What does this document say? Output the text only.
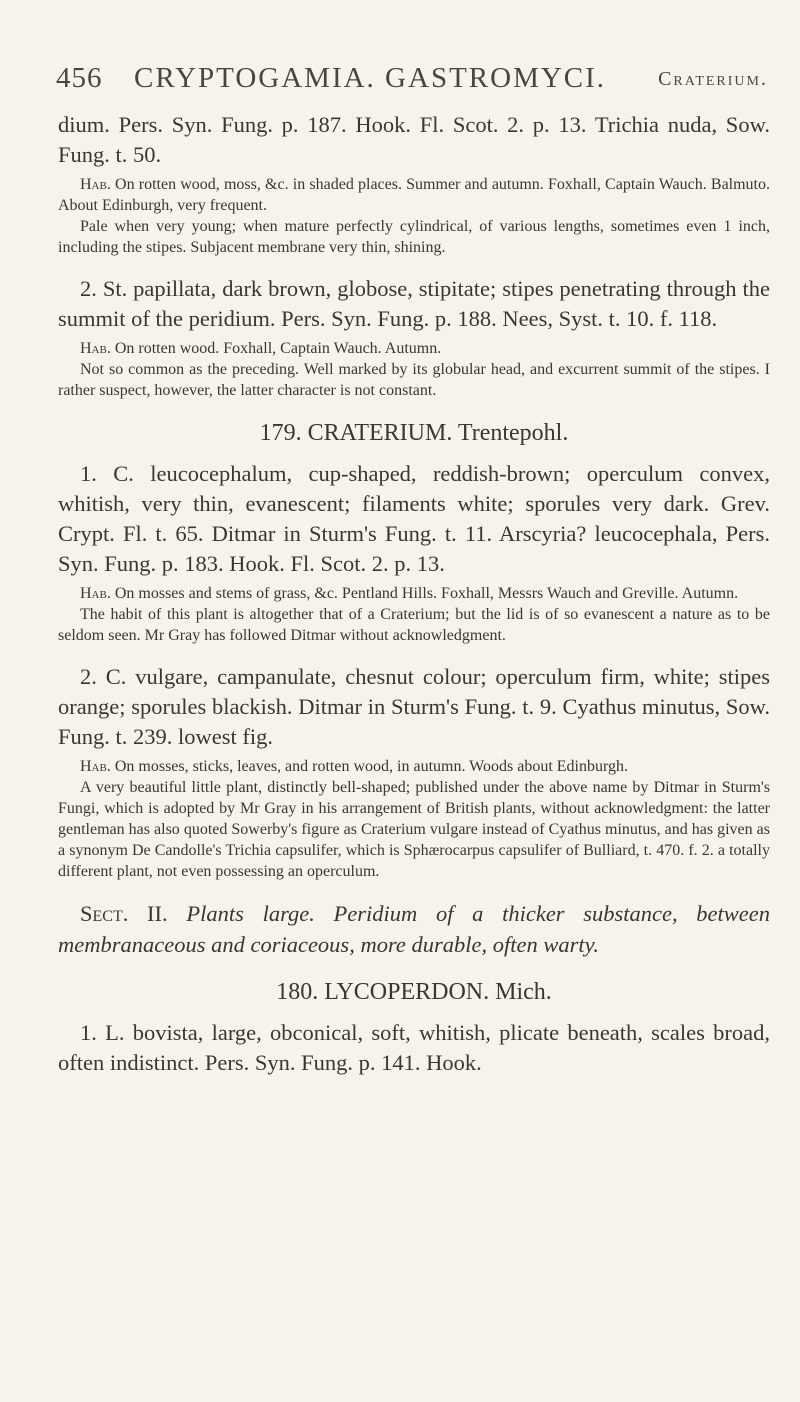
456 CRYPTOGAMIA. GASTROMYCI.	Craterium.

dium. Pers. Syn. Fung. p. 187. Hook. Fl. Scot. 2. p. 13. Trichia nuda, Sow. Fung. t. 50.

Hab. On rotten wood, moss, &c. in shaded places. Summer and autumn. Foxhall, Captain Wauch. Balmuto. About Edinburgh, very frequent.

Pale when very young; when mature perfectly cylindrical, of various lengths, sometimes even 1 inch, including the stipes. Subjacent membrane very thin, shining.

2. St. papillata, dark brown, globose, stipitate; stipes penetrating through the summit of the peridium. Pers. Syn. Fung. p. 188. Nees, Syst. t. 10. f. 118.

Hab. On rotten wood. Foxhall, Captain Wauch. Autumn.

Not so common as the preceding. Well marked by its globular head, and excurrent summit of the stipes. I rather suspect, however, the latter character is not constant.

179. CRATERIUM. Trentepohl.

1. C. leucocephalum, cup-shaped, reddish-brown; operculum convex, whitish, very thin, evanescent; filaments white; sporules very dark. Grev. Crypt. Fl. t. 65. Ditmar in Sturm's Fung. t. 11. Arscyria? leucocephala, Pers. Syn. Fung. p. 183. Hook. Fl. Scot. 2. p. 13.

Hab. On mosses and stems of grass, &c. Pentland Hills. Foxhall, Messrs Wauch and Greville. Autumn.

The habit of this plant is altogether that of a Craterium; but the lid is of so evanescent a nature as to be seldom seen. Mr Gray has followed Ditmar without acknowledgment.

2. C. vulgare, campanulate, chesnut colour; operculum firm, white; stipes orange; sporules blackish. Ditmar in Sturm's Fung. t. 9. Cyathus minutus, Sow. Fung. t. 239. lowest fig.

Hab. On mosses, sticks, leaves, and rotten wood, in autumn. Woods about Edinburgh.

A very beautiful little plant, distinctly bell-shaped; published under the above name by Ditmar in Sturm's Fungi, which is adopted by Mr Gray in his arrangement of British plants, without acknowledgment: the latter gentleman has also quoted Sowerby's figure as Craterium vulgare instead of Cyathus minutus, and has given as a synonym De Candolle's Trichia capsulifer, which is Sphærocarpus capsulifer of Bulliard, t. 470. f. 2. a totally different plant, not even possessing an operculum.

Sect. II. Plants large. Peridium of a thicker substance, between membranaceous and coriaceous, more durable, often warty.

180. LYCOPERDON. Mich.

1. L. bovista, large, obconical, soft, whitish, plicate beneath, scales broad, often indistinct. Pers. Syn. Fung. p. 141. Hook.
